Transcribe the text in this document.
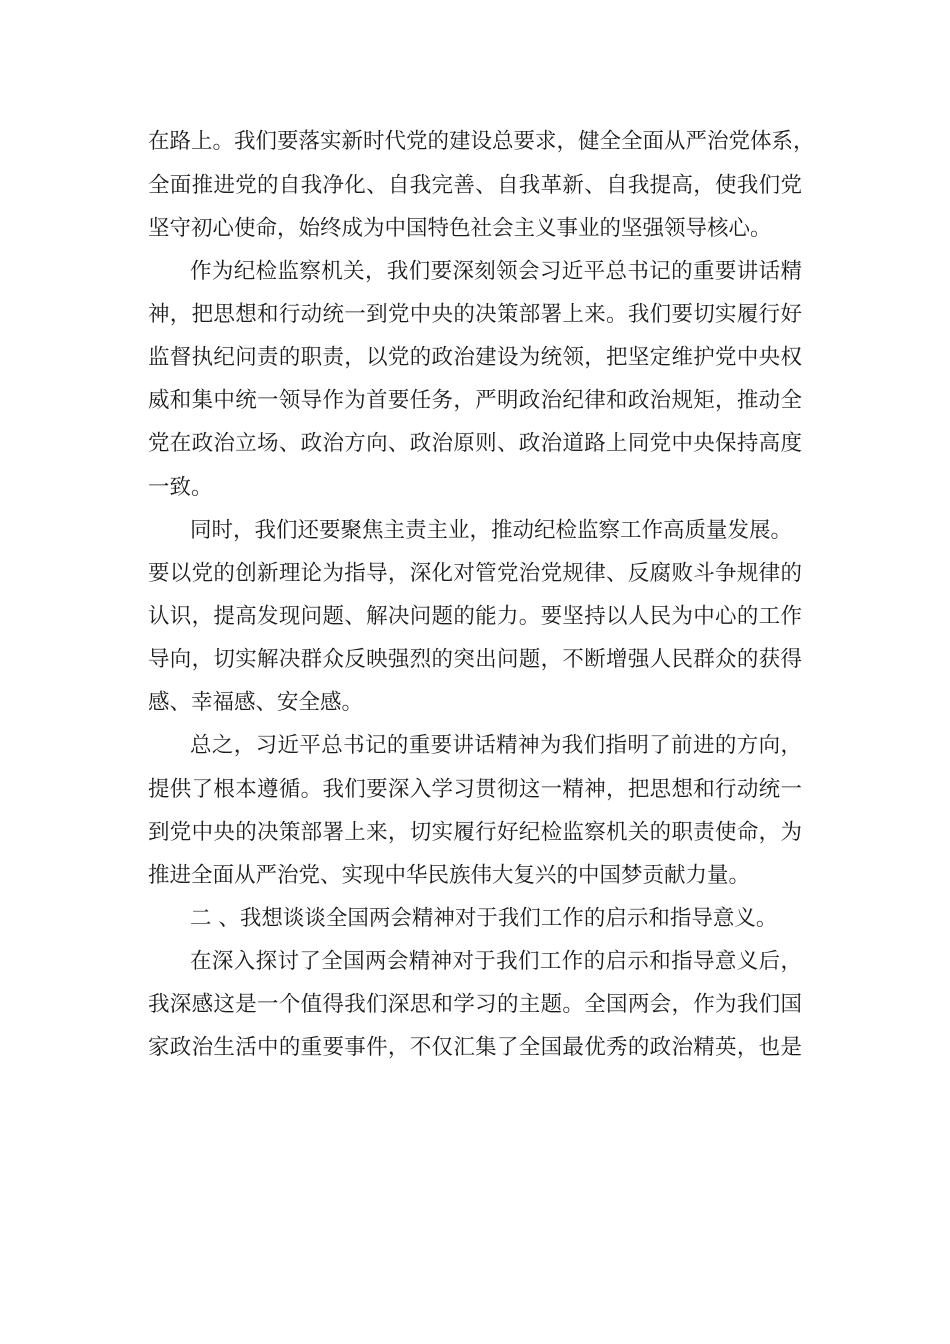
在路上。我们要落实新时代党的建设总要求，健全全面从严治党体系，
全面推进党的自我净化、自我完善、自我革新、自我提高，使我们党
坚守初心使命，始终成为中国特色社会主义事业的坚强领导核心。
作为纪检监察机关，我们要深刻领会习近平总书记的重要讲话精
神，把思想和行动统一到党中央的决策部署上来。我们要切实履行好
监督执纪问责的职责，以党的政治建设为统领，把坚定维护党中央权
威和集中统一领导作为首要任务，严明政治纪律和政治规矩，推动全
党在政治立场、政治方向、政治原则、政治道路上同党中央保持高度
一致。
同时，我们还要聚焦主责主业，推动纪检监察工作高质量发展。
要以党的创新理论为指导，深化对管党治党规律、反腐败斗争规律的
认识，提高发现问题、解决问题的能力。要坚持以人民为中心的工作
导向，切实解决群众反映强烈的突出问题，不断增强人民群众的获得
感、幸福感、安全感。
总之，习近平总书记的重要讲话精神为我们指明了前进的方向，
提供了根本遵循。我们要深入学习贯彻这一精神，把思想和行动统一
到党中央的决策部署上来，切实履行好纪检监察机关的职责使命，为
推进全面从严治党、实现中华民族伟大复兴的中国梦贡献力量。
二 、我想谈谈全国两会精神对于我们工作的启示和指导意义。
在深入探讨了全国两会精神对于我们工作的启示和指导意义后，
我深感这是一个值得我们深思和学习的主题。全国两会，作为我们国
家政治生活中的重要事件，不仅汇集了全国最优秀的政治精英，也是
